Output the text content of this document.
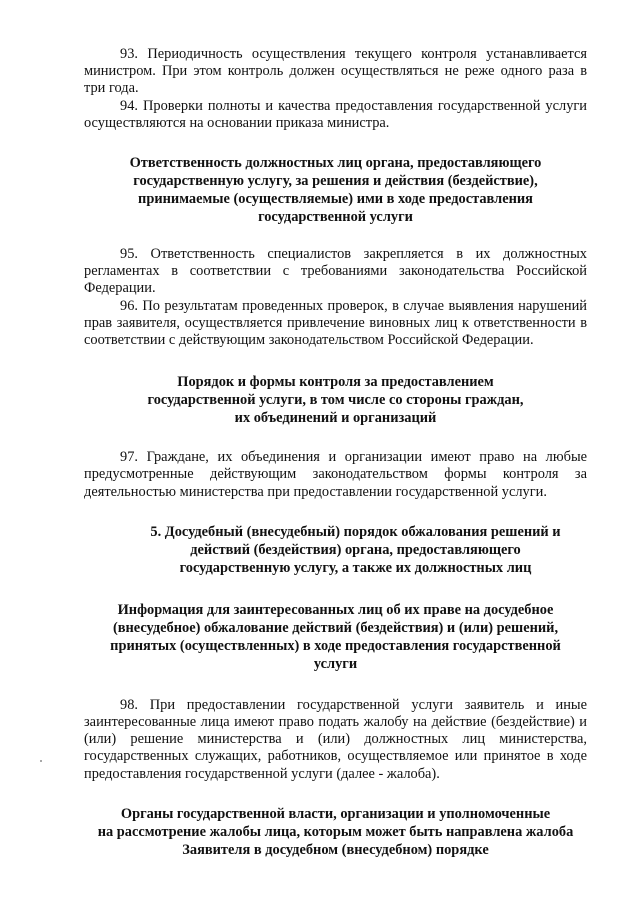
93. Периодичность осуществления текущего контроля устанавливается министром. При этом контроль должен осуществляться не реже одного раза в три года.

94. Проверки полноты и качества предоставления государственной услуги осуществляются на основании приказа министра.

Ответственность должностных лиц органа, предоставляющего
государственную услугу, за решения и действия (бездействие),
принимаемые (осуществляемые) ими в ходе предоставления
государственной услуги

95. Ответственность специалистов закрепляется в их должностных регламентах в соответствии с требованиями законодательства Российской Федерации.

96. По результатам проведенных проверок, в случае выявления нарушений прав заявителя, осуществляется привлечение виновных лиц к ответственности в соответствии с действующим законодательством Российской Федерации.

Порядок и формы контроля за предоставлением
государственной услуги, в том числе со стороны граждан,
их объединений и организаций

97. Граждане, их объединения и организации имеют право на любые предусмотренные действующим законодательством формы контроля за деятельностью министерства при предоставлении государственной услуги.

5. Досудебный (внесудебный) порядок обжалования решений и
действий (бездействия) органа, предоставляющего
государственную услугу, а также их должностных лиц
Информация для заинтересованных лиц об их праве на досудебное
(внесудебное) обжалование действий (бездействия) и (или) решений,
принятых (осуществленных) в ходе предоставления государственной
услуги

98. При предоставлении государственной услуги заявитель и иные заинтересованные лица имеют право подать жалобу на действие (бездействие) и (или) решение министерства и (или) должностных лиц министерства, государственных служащих, работников, осуществляемое или принятое в ходе предоставления государственной услуги (далее - жалоба).

Органы государственной власти, организации и уполномоченные
на рассмотрение жалобы лица, которым может быть направлена жалоба
Заявителя в досудебном (внесудебном) порядке
